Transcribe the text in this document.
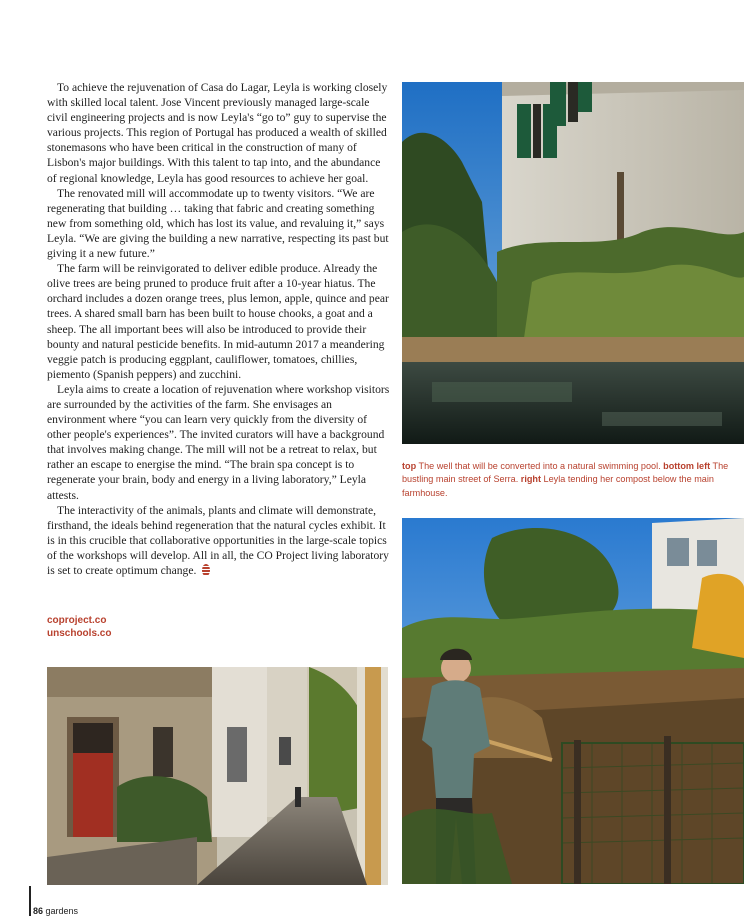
To achieve the rejuvenation of Casa do Lagar, Leyla is working closely with skilled local talent. Jose Vincent previously managed large-scale civil engineering projects and is now Leyla's “go to” guy to supervise the various projects. This region of Portugal has produced a wealth of skilled stonemasons who have been critical in the construction of many of Lisbon's major buildings. With this talent to tap into, and the abundance of regional knowledge, Leyla has good resources to achieve her goal.

The renovated mill will accommodate up to twenty visitors. “We are regenerating that building … taking that fabric and creating something new from something old, which has lost its value, and revaluing it,” says Leyla. “We are giving the building a new narrative, respecting its past but giving it a new future.”

The farm will be reinvigorated to deliver edible produce. Already the olive trees are being pruned to produce fruit after a 10-year hiatus. The orchard includes a dozen orange trees, plus lemon, apple, quince and pear trees. A shared small barn has been built to house chooks, a goat and a sheep. The all important bees will also be introduced to provide their bounty and natural pesticide benefits. In mid-autumn 2017 a meandering veggie patch is producing eggplant, cauliflower, tomatoes, chillies, piemento (Spanish peppers) and zucchini.

Leyla aims to create a location of rejuvenation where workshop visitors are surrounded by the activities of the farm. She envisages an environment where “you can learn very quickly from the diversity of other people's experiences”. The invited curators will have a background that involves making change. The mill will not be a retreat to relax, but rather an escape to energise the mind. “The brain spa concept is to regenerate your brain, body and energy in a living laboratory,” Leyla attests.

The interactivity of the animals, plants and climate will demonstrate, firsthand, the ideals behind regeneration that the natural cycles exhibit. It is in this crucible that collaborative opportunities in the large-scale topics of the workshops will develop. All in all, the CO Project living laboratory is set to create optimum change.

coproject.co
unschools.co
top The well that will be converted into a natural swimming pool. bottom left The bustling main street of Serra. right Leyla tending her compost below the main farmhouse.
86 gardens
